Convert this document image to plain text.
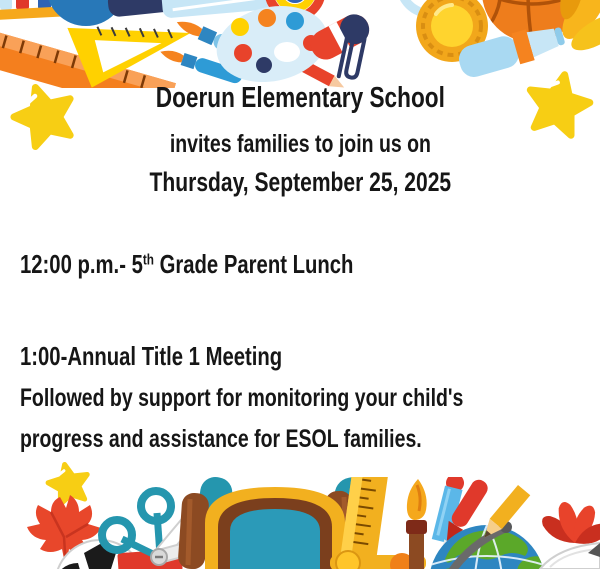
Doerun Elementary School
invites families to join us on
Thursday, September 25, 2025
12:00 p.m.- 5th Grade Parent Lunch
1:00-Annual Title 1 Meeting
Followed by support for monitoring your child's
progress and assistance for ESOL families.
